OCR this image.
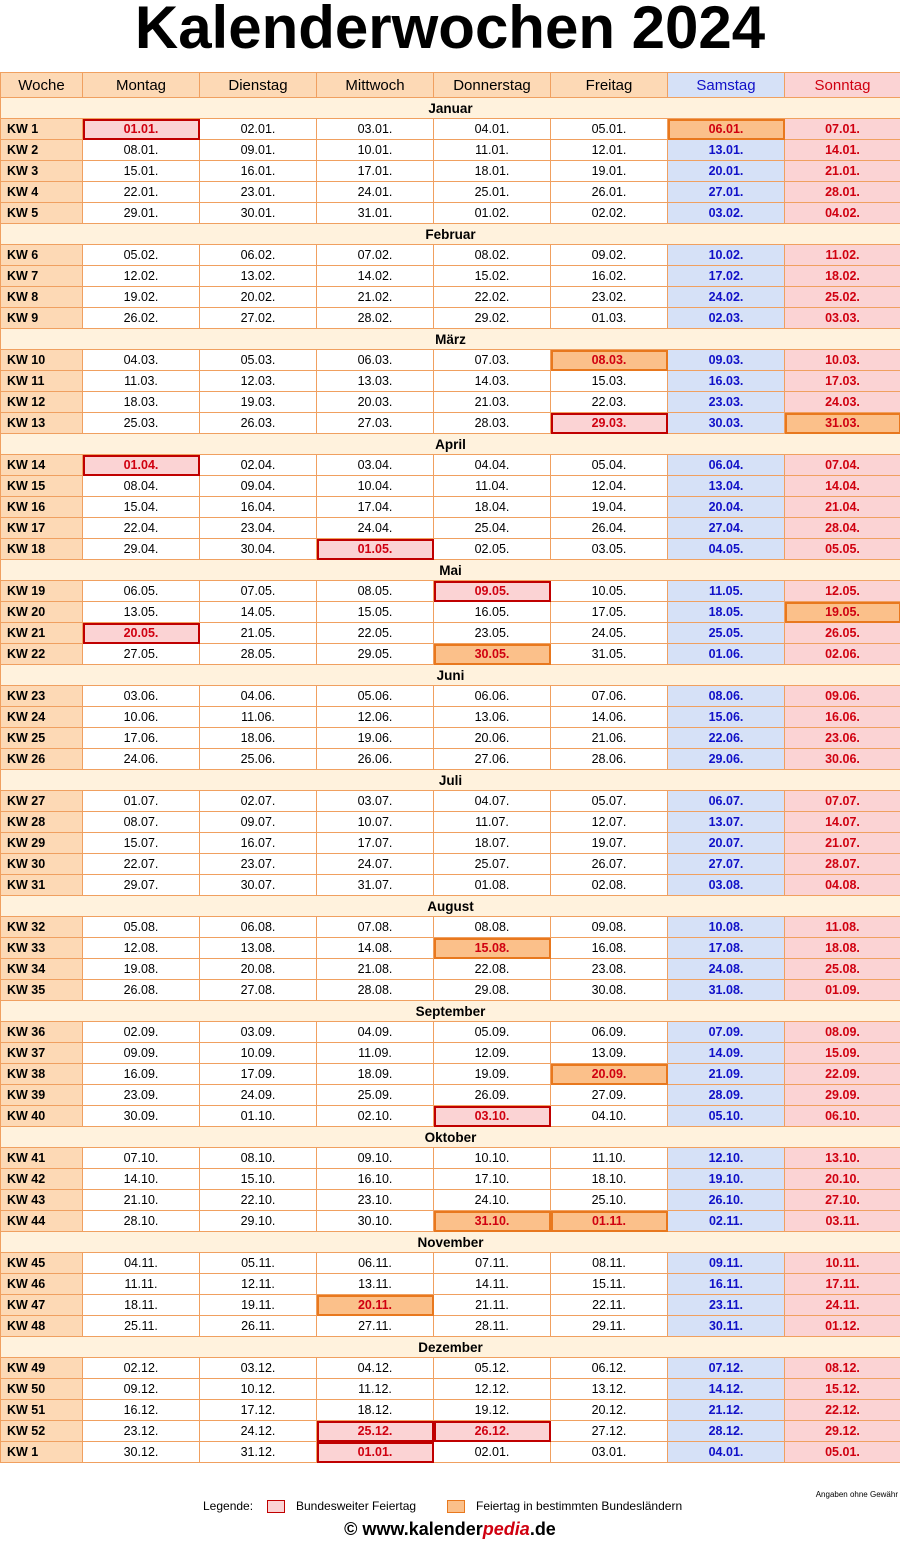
Kalenderwochen 2024
Woche	Montag	Dienstag	Mittwoch	Donnerstag	Freitag	Samstag	Sonntag
Januar							
KW 1	01.01.	02.01.	03.01.	04.01.	05.01.	06.01.	07.01.
KW 2	08.01.	09.01.	10.01.	11.01.	12.01.	13.01.	14.01.
KW 3	15.01.	16.01.	17.01.	18.01.	19.01.	20.01.	21.01.
KW 4	22.01.	23.01.	24.01.	25.01.	26.01.	27.01.	28.01.
KW 5	29.01.	30.01.	31.01.	01.02.	02.02.	03.02.	04.02.
Februar							
KW 6	05.02.	06.02.	07.02.	08.02.	09.02.	10.02.	11.02.
KW 7	12.02.	13.02.	14.02.	15.02.	16.02.	17.02.	18.02.
KW 8	19.02.	20.02.	21.02.	22.02.	23.02.	24.02.	25.02.
KW 9	26.02.	27.02.	28.02.	29.02.	01.03.	02.03.	03.03.
März							
KW 10	04.03.	05.03.	06.03.	07.03.	08.03.	09.03.	10.03.
KW 11	11.03.	12.03.	13.03.	14.03.	15.03.	16.03.	17.03.
KW 12	18.03.	19.03.	20.03.	21.03.	22.03.	23.03.	24.03.
KW 13	25.03.	26.03.	27.03.	28.03.	29.03.	30.03.	31.03.
April							
KW 14	01.04.	02.04.	03.04.	04.04.	05.04.	06.04.	07.04.
KW 15	08.04.	09.04.	10.04.	11.04.	12.04.	13.04.	14.04.
KW 16	15.04.	16.04.	17.04.	18.04.	19.04.	20.04.	21.04.
KW 17	22.04.	23.04.	24.04.	25.04.	26.04.	27.04.	28.04.
KW 18	29.04.	30.04.	01.05.	02.05.	03.05.	04.05.	05.05.
Mai							
KW 19	06.05.	07.05.	08.05.	09.05.	10.05.	11.05.	12.05.
KW 20	13.05.	14.05.	15.05.	16.05.	17.05.	18.05.	19.05.
KW 21	20.05.	21.05.	22.05.	23.05.	24.05.	25.05.	26.05.
KW 22	27.05.	28.05.	29.05.	30.05.	31.05.	01.06.	02.06.
Juni							
KW 23	03.06.	04.06.	05.06.	06.06.	07.06.	08.06.	09.06.
KW 24	10.06.	11.06.	12.06.	13.06.	14.06.	15.06.	16.06.
KW 25	17.06.	18.06.	19.06.	20.06.	21.06.	22.06.	23.06.
KW 26	24.06.	25.06.	26.06.	27.06.	28.06.	29.06.	30.06.
Juli							
KW 27	01.07.	02.07.	03.07.	04.07.	05.07.	06.07.	07.07.
KW 28	08.07.	09.07.	10.07.	11.07.	12.07.	13.07.	14.07.
KW 29	15.07.	16.07.	17.07.	18.07.	19.07.	20.07.	21.07.
KW 30	22.07.	23.07.	24.07.	25.07.	26.07.	27.07.	28.07.
KW 31	29.07.	30.07.	31.07.	01.08.	02.08.	03.08.	04.08.
August							
KW 32	05.08.	06.08.	07.08.	08.08.	09.08.	10.08.	11.08.
KW 33	12.08.	13.08.	14.08.	15.08.	16.08.	17.08.	18.08.
KW 34	19.08.	20.08.	21.08.	22.08.	23.08.	24.08.	25.08.
KW 35	26.08.	27.08.	28.08.	29.08.	30.08.	31.08.	01.09.
September							
KW 36	02.09.	03.09.	04.09.	05.09.	06.09.	07.09.	08.09.
KW 37	09.09.	10.09.	11.09.	12.09.	13.09.	14.09.	15.09.
KW 38	16.09.	17.09.	18.09.	19.09.	20.09.	21.09.	22.09.
KW 39	23.09.	24.09.	25.09.	26.09.	27.09.	28.09.	29.09.
KW 40	30.09.	01.10.	02.10.	03.10.	04.10.	05.10.	06.10.
Oktober							
KW 41	07.10.	08.10.	09.10.	10.10.	11.10.	12.10.	13.10.
KW 42	14.10.	15.10.	16.10.	17.10.	18.10.	19.10.	20.10.
KW 43	21.10.	22.10.	23.10.	24.10.	25.10.	26.10.	27.10.
KW 44	28.10.	29.10.	30.10.	31.10.	01.11.	02.11.	03.11.
November							
KW 45	04.11.	05.11.	06.11.	07.11.	08.11.	09.11.	10.11.
KW 46	11.11.	12.11.	13.11.	14.11.	15.11.	16.11.	17.11.
KW 47	18.11.	19.11.	20.11.	21.11.	22.11.	23.11.	24.11.
KW 48	25.11.	26.11.	27.11.	28.11.	29.11.	30.11.	01.12.
Dezember							
KW 49	02.12.	03.12.	04.12.	05.12.	06.12.	07.12.	08.12.
KW 50	09.12.	10.12.	11.12.	12.12.	13.12.	14.12.	15.12.
KW 51	16.12.	17.12.	18.12.	19.12.	20.12.	21.12.	22.12.
KW 52	23.12.	24.12.	25.12.	26.12.	27.12.	28.12.	29.12.
KW 1	30.12.	31.12.	01.01.	02.01.	03.01.	04.01.	05.01.
Angaben ohne Gewähr
Legende:	Bundesweiter Feiertag	Feiertag in bestimmten Bundesländern
© www.kalenderpedia.de
